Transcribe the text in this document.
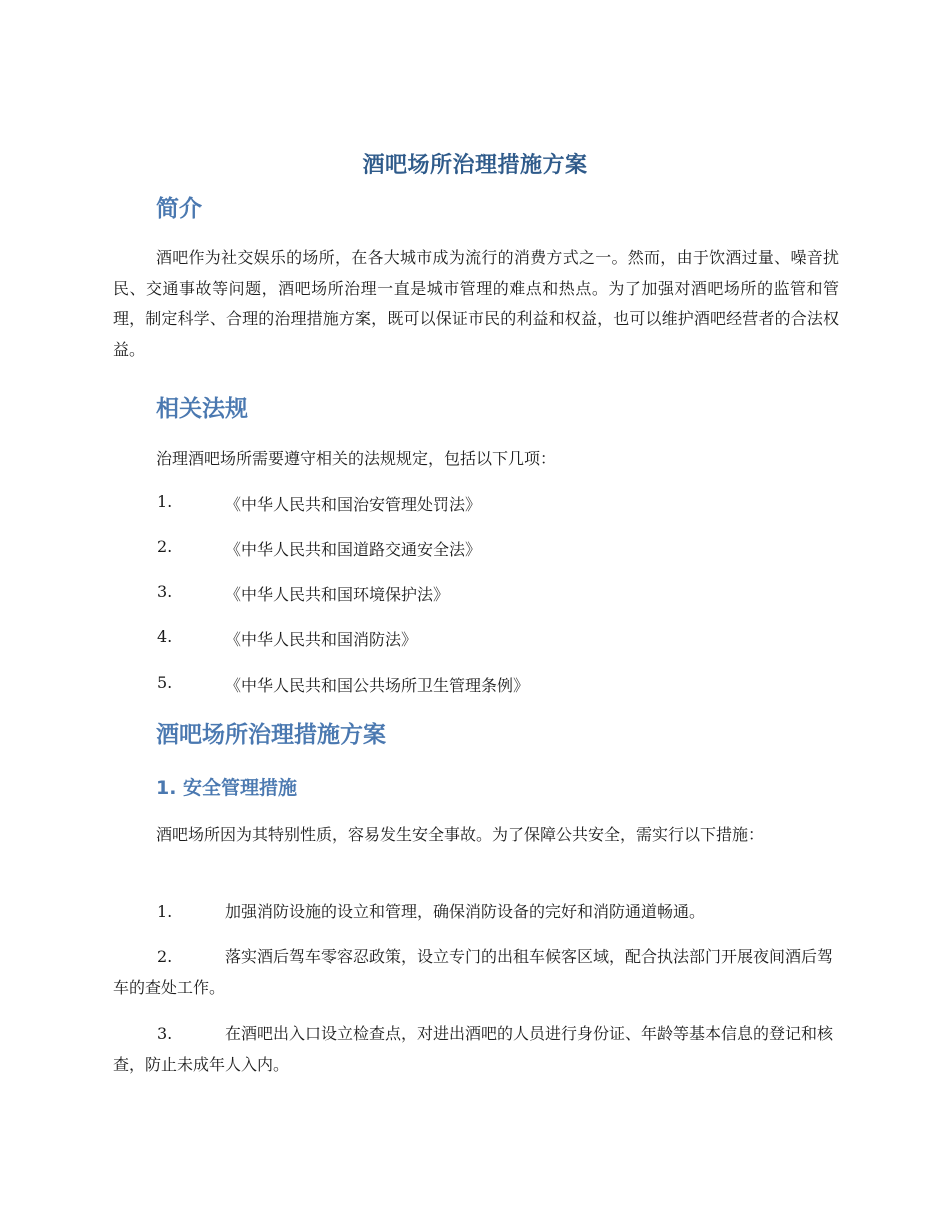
酒吧场所治理措施方案
简介

酒吧作为社交娱乐的场所，在各大城市成为流行的消费方式之一。然而，由于饮酒过量、噪音扰民、交通事故等问题，酒吧场所治理一直是城市管理的难点和热点。为了加强对酒吧场所的监管和管理，制定科学、合理的治理措施方案，既可以保证市民的利益和权益，也可以维护酒吧经营者的合法权益。

相关法规
治理酒吧场所需要遵守相关的法规规定，包括以下几项：
1.	《中华人民共和国治安管理处罚法》
2.	《中华人民共和国道路交通安全法》
3.	《中华人民共和国环境保护法》
4.	《中华人民共和国消防法》
5.	《中华人民共和国公共场所卫生管理条例》
酒吧场所治理措施方案
1. 安全管理措施

酒吧场所因为其特别性质，容易发生安全事故。为了保障公共安全，需实行以下措施：

1.	加强消防设施的设立和管理，确保消防设备的完好和消防通道畅通。

2.	落实酒后驾车零容忍政策，设立专门的出租车候客区域，配合执法部门开展夜间酒后驾车的查处工作。

3.	在酒吧出入口设立检查点，对进出酒吧的人员进行身份证、年龄等基本信息的登记和核查，防止未成年人入内。
